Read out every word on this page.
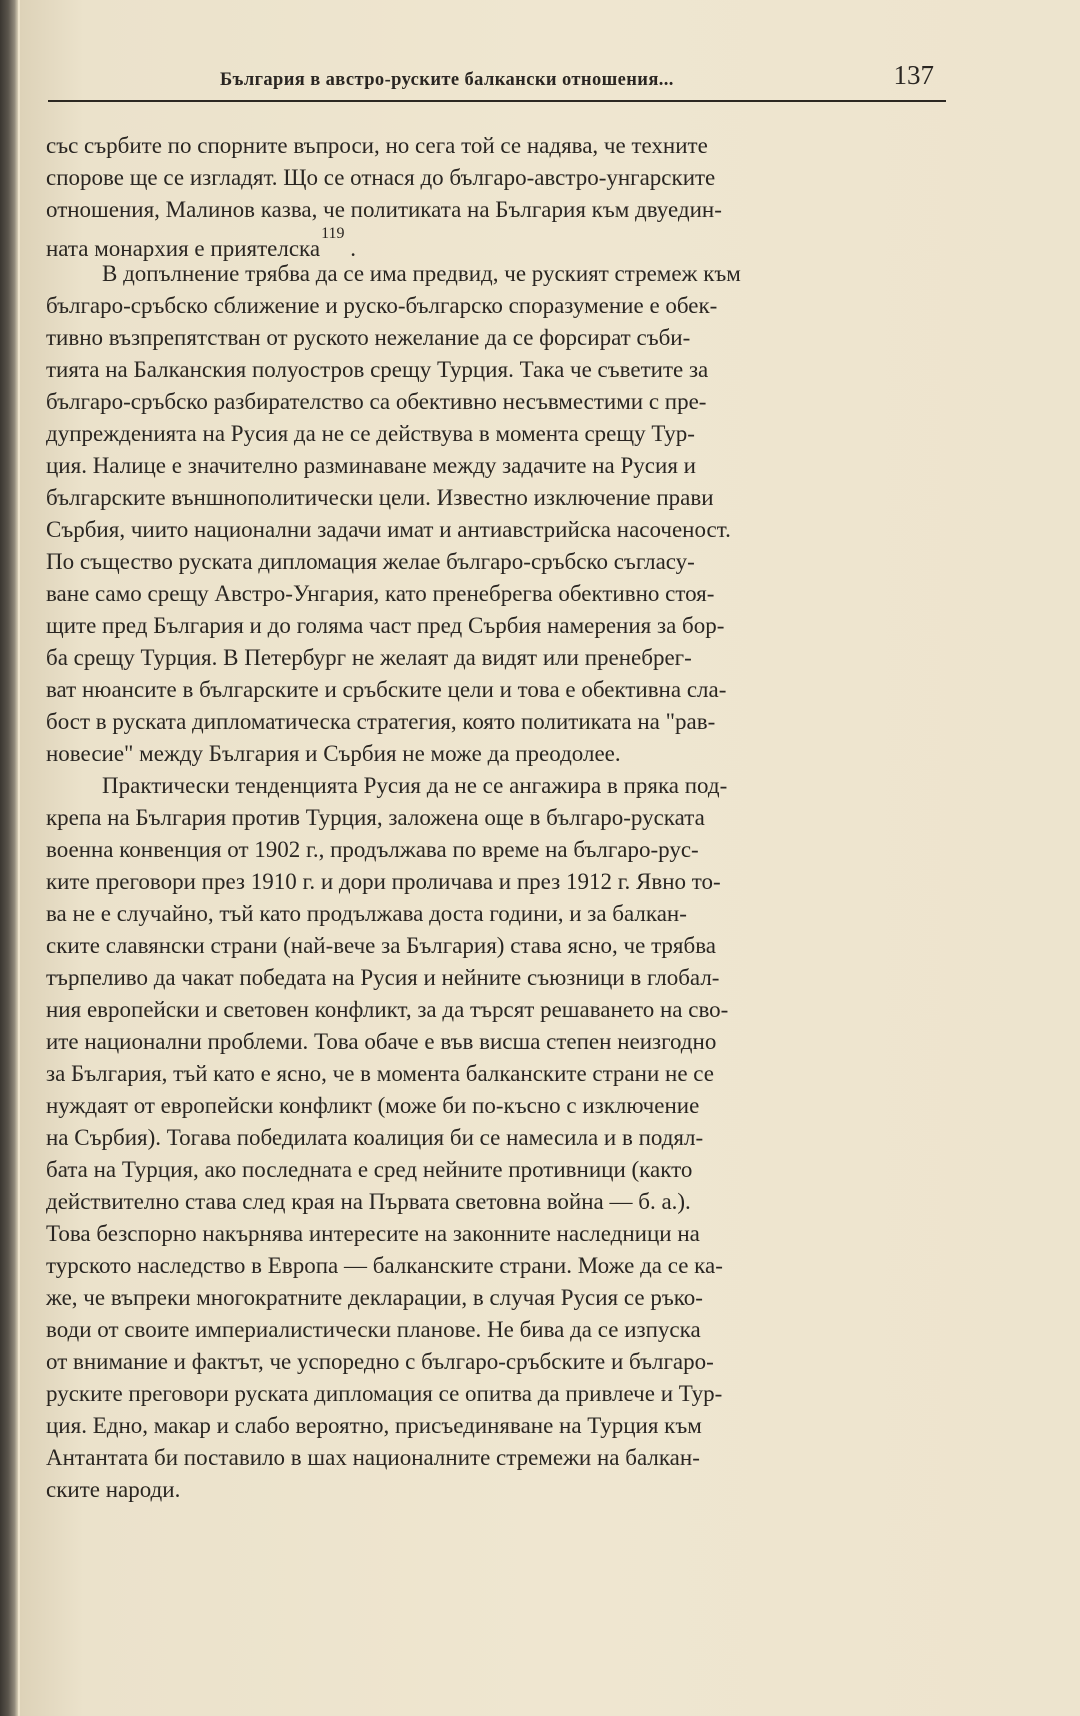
България в австро-руските балкански отношения...	137
със сърбите по спорните въпроси, но сега той се надява, че техните
спорове ще се изгладят. Що се отнася до българо-австро-унгарските
отношения, Малинов казва, че политиката на България към двуедин-
ната монархия е приятелска119 .
В допълнение трябва да се има предвид, че руският стремеж към
българо-сръбско сближение и руско-българско споразумение е обек-
тивно възпрепятстван от руското нежелание да се форсират съби-
тията на Балканския полуостров срещу Турция. Така че съветите за
българо-сръбско разбирателство са обективно несъвместими с пре-
дупрежденията на Русия да не се действува в момента срещу Тур-
ция. Налице е значително разминаване между задачите на Русия и
българските външнополитически цели. Известно изключение прави
Сърбия, чиито национални задачи имат и антиавстрийска насоченост.
По същество руската дипломация желае българо-сръбско съгласу-
ване само срещу Австро-Унгария, като пренебрегва обективно стоя-
щите пред България и до голяма част пред Сърбия намерения за бор-
ба срещу Турция. В Петербург не желаят да видят или пренебрег-
ват нюансите в българските и сръбските цели и това е обективна сла-
бост в руската дипломатическа стратегия, която политиката на "рав-
новесие" между България и Сърбия не може да преодолее.
Практически тенденцията Русия да не се ангажира в пряка под-
крепа на България против Турция, заложена още в българо-руската
военна конвенция от 1902 г., продължава по време на българо-рус-
ките преговори през 1910 г. и дори проличава и през 1912 г. Явно то-
ва не е случайно, тъй като продължава доста години, и за балкан-
ските славянски страни (най-вече за България) става ясно, че трябва
търпеливо да чакат победата на Русия и нейните съюзници в глобал-
ния европейски и световен конфликт, за да търсят решаването на сво-
ите национални проблеми. Това обаче е във висша степен неизгодно
за България, тъй като е ясно, че в момента балканските страни не се
нуждаят от европейски конфликт (може би по-късно с изключение
на Сърбия). Тогава победилата коалиция би се намесила и в подял-
бата на Турция, ако последната е сред нейните противници (както
действително става след края на Първата световна война — б. а.).
Това безспорно накърнява интересите на законните наследници на
турското наследство в Европа — балканските страни. Може да се ка-
же, че въпреки многократните декларации, в случая Русия се ръко-
води от своите империалистически планове. Не бива да се изпуска
от внимание и фактът, че успоредно с българо-сръбските и българо-
руските преговори руската дипломация се опитва да привлече и Тур-
ция. Едно, макар и слабо вероятно, присъединяване на Турция към
Антантата би поставило в шах националните стремежи на балкан-
ските народи.
